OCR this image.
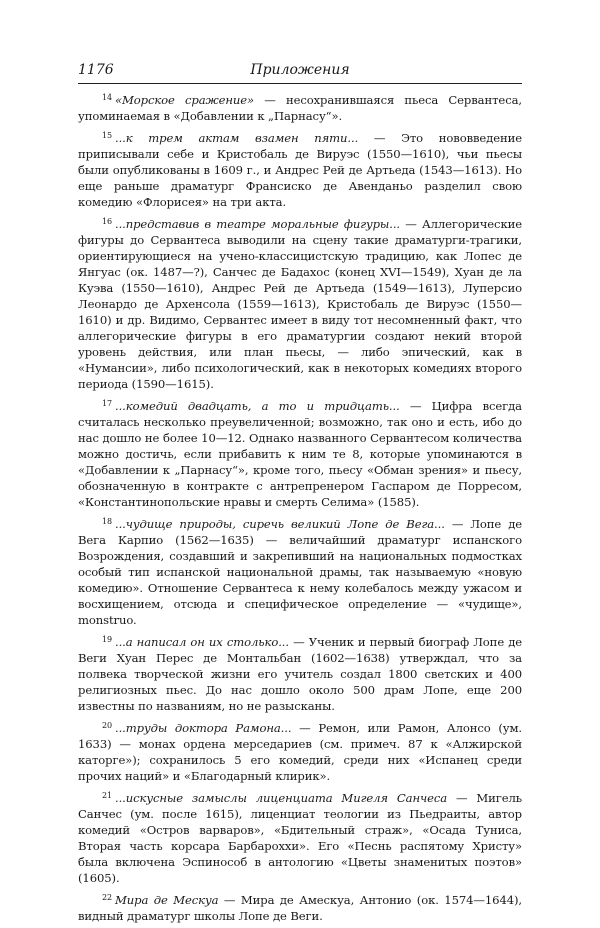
1176	Приложения

$^{14}$ «Морское сражение» — несохранившаяся пьеса Сервантеса, упоминаемая в «Добавлении к „Парнасу“».

$^{15}$ ...к трем актам взамен пяти... — Это нововведение приписывали себе и Кристобаль де Вируэс (1550—1610), чьи пьесы были опубликованы в 1609 г., и Андрес Рей де Артьеда (1543—1613). Но еще раньше драматург Франсиско де Авенданьо разделил свою комедию «Флорисея» на три акта.

$^{16}$ ...представив в театре моральные фигуры... — Аллегорические фигуры до Сервантеса выводили на сцену такие драматурги-трагики, ориентирующиеся на учено-классицистскую традицию, как Лопес де Янгуас (ок. 1487—?), Санчес де Бадахос (конец XVI—1549), Хуан де ла Куэва (1550—1610), Андрес Рей де Артьеда (1549—1613), Луперсио Леонардо де Архенсола (1559—1613), Кристобаль де Вируэс (1550—1610) и др. Видимо, Сервантес имеет в виду тот несомненный факт, что аллегорические фигуры в его драматургии создают некий второй уровень действия, или план пьесы, — либо эпический, как в «Нумансии», либо психологический, как в некоторых комедиях второго периода (1590—1615).

$^{17}$ ...комедий двадцать, а то и тридцать... — Цифра всегда считалась несколько преувеличенной; возможно, так оно и есть, ибо до нас дошло не более 10—12. Однако названного Сервантесом количества можно достичь, если прибавить к ним те 8, которые упоминаются в «Добавлении к „Парнасу“», кроме того, пьесу «Обман зрения» и пьесу, обозначенную в контракте с антрепренером Гаспаром де Порресом, «Константинопольские нравы и смерть Селима» (1585).

$^{18}$ ...чудище природы, сиречь великий Лопе де Вега... — Лопе де Вега Карпио (1562—1635) — величайший драматург испанского Возрождения, создавший и закрепивший на национальных подмостках особый тип испанской национальной драмы, так называемую «новую комедию». Отношение Сервантеса к нему колебалось между ужасом и восхищением, отсюда и специфическое определение — «чудище», monstruo.

$^{19}$ ...а написал он их столько... — Ученик и первый биограф Лопе де Веги Хуан Перес де Монтальбан (1602—1638) утверждал, что за полвека творческой жизни его учитель создал 1800 светских и 400 религиозных пьес. До нас дошло около 500 драм Лопе, еще 200 известны по названиям, но не разысканы.

$^{20}$ ...труды доктора Рамона... — Ремон, или Рамон, Алонсо (ум. 1633) — монах ордена мерседариев (см. примеч. 87 к «Алжирской каторге»); сохранилось 5 его комедий, среди них «Испанец среди прочих наций» и «Благодарный клирик».

$^{21}$ ...искусные замыслы лиценциата Мигеля Санчеса — Мигель Санчес (ум. после 1615), лиценциат теологии из Пьедраиты, автор комедий «Остров варваров», «Бдительный страж», «Осада Туниса, Вторая часть корсара Барбароххи». Его «Песнь распятому Христу» была включена Эспинособ в антологию «Цветы знаменитых поэтов» (1605).

$^{22}$ Мира де Мескуа — Мира де Амескуа, Антонио (ок. 1574—1644), видный драматург школы Лопе де Веги.
